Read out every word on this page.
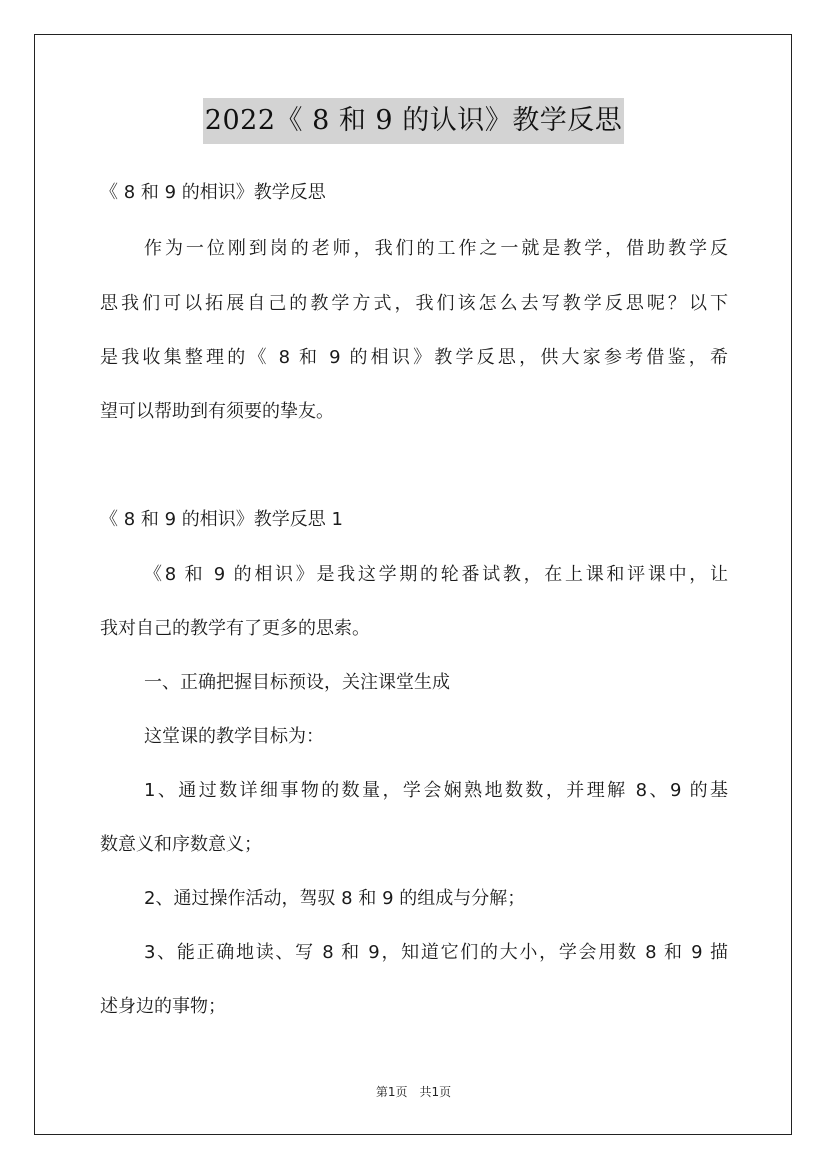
2022《 8 和 9 的认识》教学反思
《 8 和 9 的相识》教学反思
作为一位刚到岗的老师，我们的工作之一就是教学，借助教学反
思我们可以拓展自己的教学方式，我们该怎么去写教学反思呢？以下
是我收集整理的《 8 和 9 的相识》教学反思，供大家参考借鉴，希
望可以帮助到有须要的挚友。
《 8 和 9 的相识》教学反思 1
《8 和 9 的相识》是我这学期的轮番试教，在上课和评课中，让
我对自己的教学有了更多的思索。
一、正确把握目标预设，关注课堂生成
这堂课的教学目标为：
1、通过数详细事物的数量，学会娴熟地数数，并理解 8、9 的基
数意义和序数意义；
2、通过操作活动，驾驭 8 和 9 的组成与分解；
3、能正确地读、写 8 和 9，知道它们的大小，学会用数 8 和 9 描
述身边的事物；
第1页 共1页
